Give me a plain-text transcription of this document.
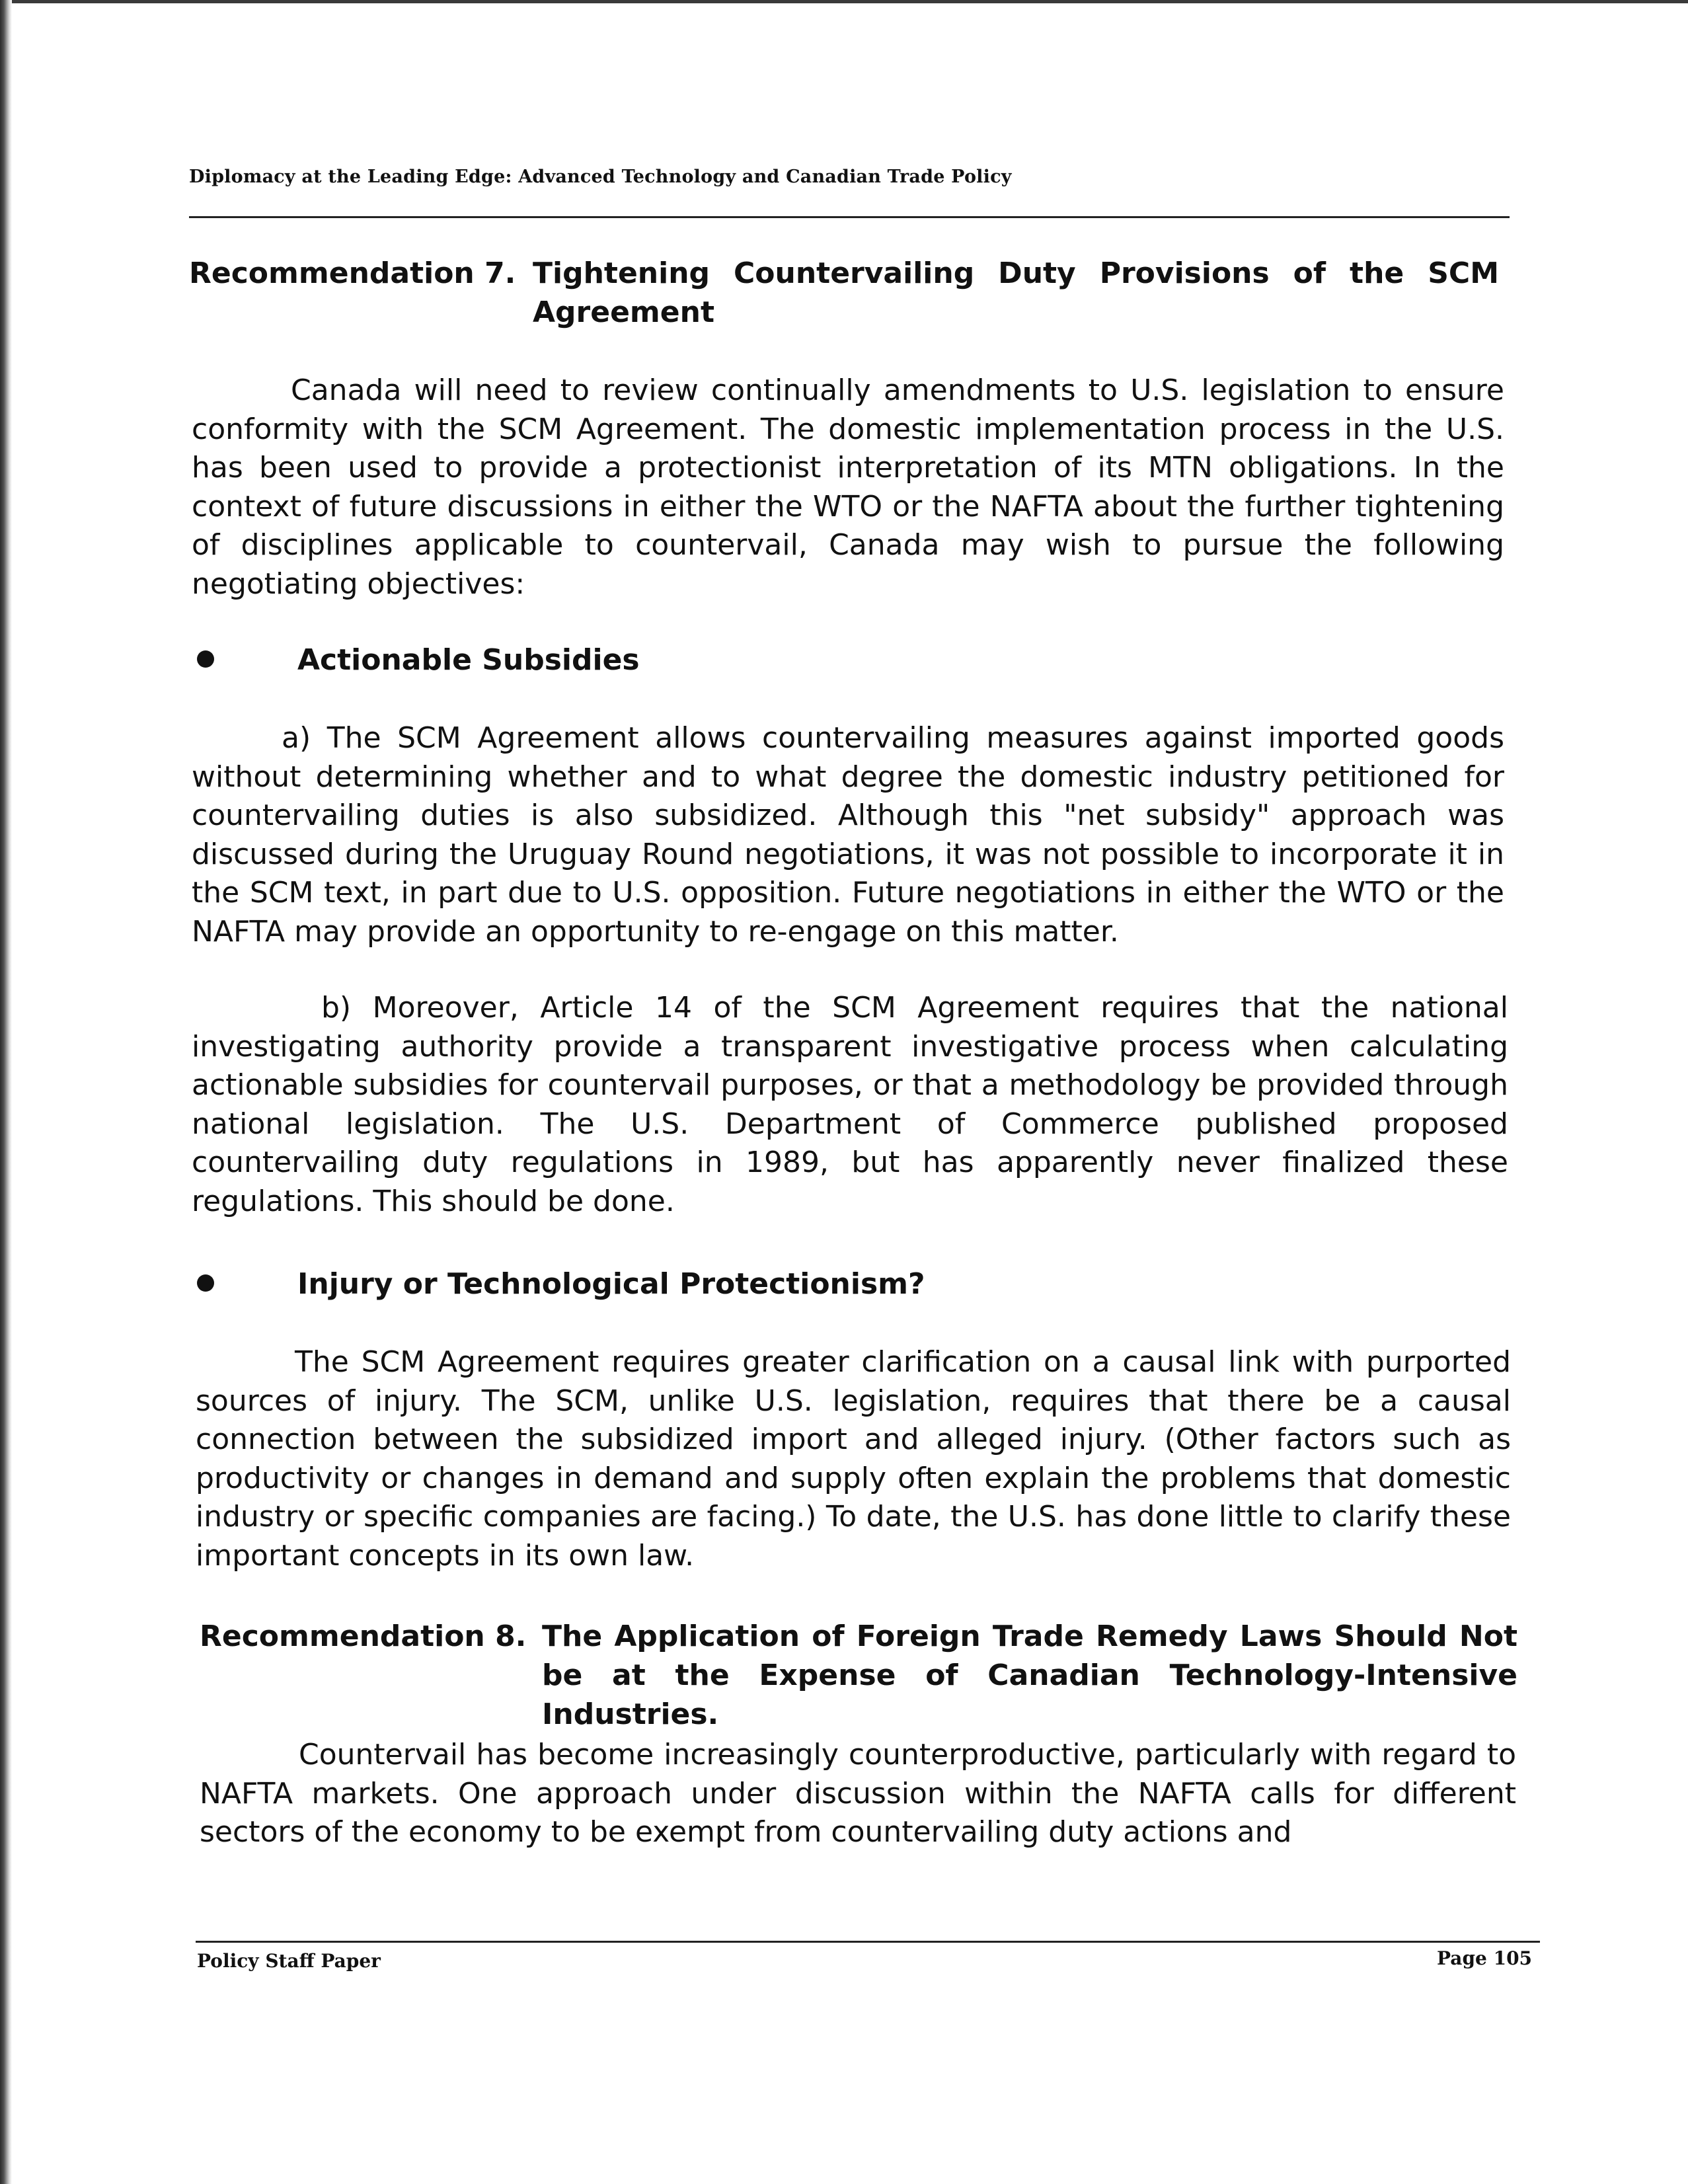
Diplomacy at the Leading Edge: Advanced Technology and Canadian Trade Policy
Recommendation 7. Tightening Countervailing Duty Provisions of the SCM Agreement

Canada will need to review continually amendments to U.S. legislation to ensure conformity with the SCM Agreement. The domestic implementation process in the U.S. has been used to provide a protectionist interpretation of its MTN obligations. In the context of future discussions in either the WTO or the NAFTA about the further tightening of disciplines applicable to countervail, Canada may wish to pursue the following negotiating objectives:

Actionable Subsidies

a) The SCM Agreement allows countervailing measures against imported goods without determining whether and to what degree the domestic industry petitioned for countervailing duties is also subsidized. Although this "net subsidy" approach was discussed during the Uruguay Round negotiations, it was not possible to incorporate it in the SCM text, in part due to U.S. opposition. Future negotiations in either the WTO or the NAFTA may provide an opportunity to re-engage on this matter.

b) Moreover, Article 14 of the SCM Agreement requires that the national investigating authority provide a transparent investigative process when calculating actionable subsidies for countervail purposes, or that a methodology be provided through national legislation. The U.S. Department of Commerce published proposed countervailing duty regulations in 1989, but has apparently never finalized these regulations. This should be done.

Injury or Technological Protectionism?

The SCM Agreement requires greater clarification on a causal link with purported sources of injury. The SCM, unlike U.S. legislation, requires that there be a causal connection between the subsidized import and alleged injury. (Other factors such as productivity or changes in demand and supply often explain the problems that domestic industry or specific companies are facing.) To date, the U.S. has done little to clarify these important concepts in its own law.

Recommendation 8. The Application of Foreign Trade Remedy Laws Should Not be at the Expense of Canadian Technology-Intensive Industries.

Countervail has become increasingly counterproductive, particularly with regard to NAFTA markets. One approach under discussion within the NAFTA calls for different sectors of the economy to be exempt from countervailing duty actions and

Policy Staff Paper	Page 105
